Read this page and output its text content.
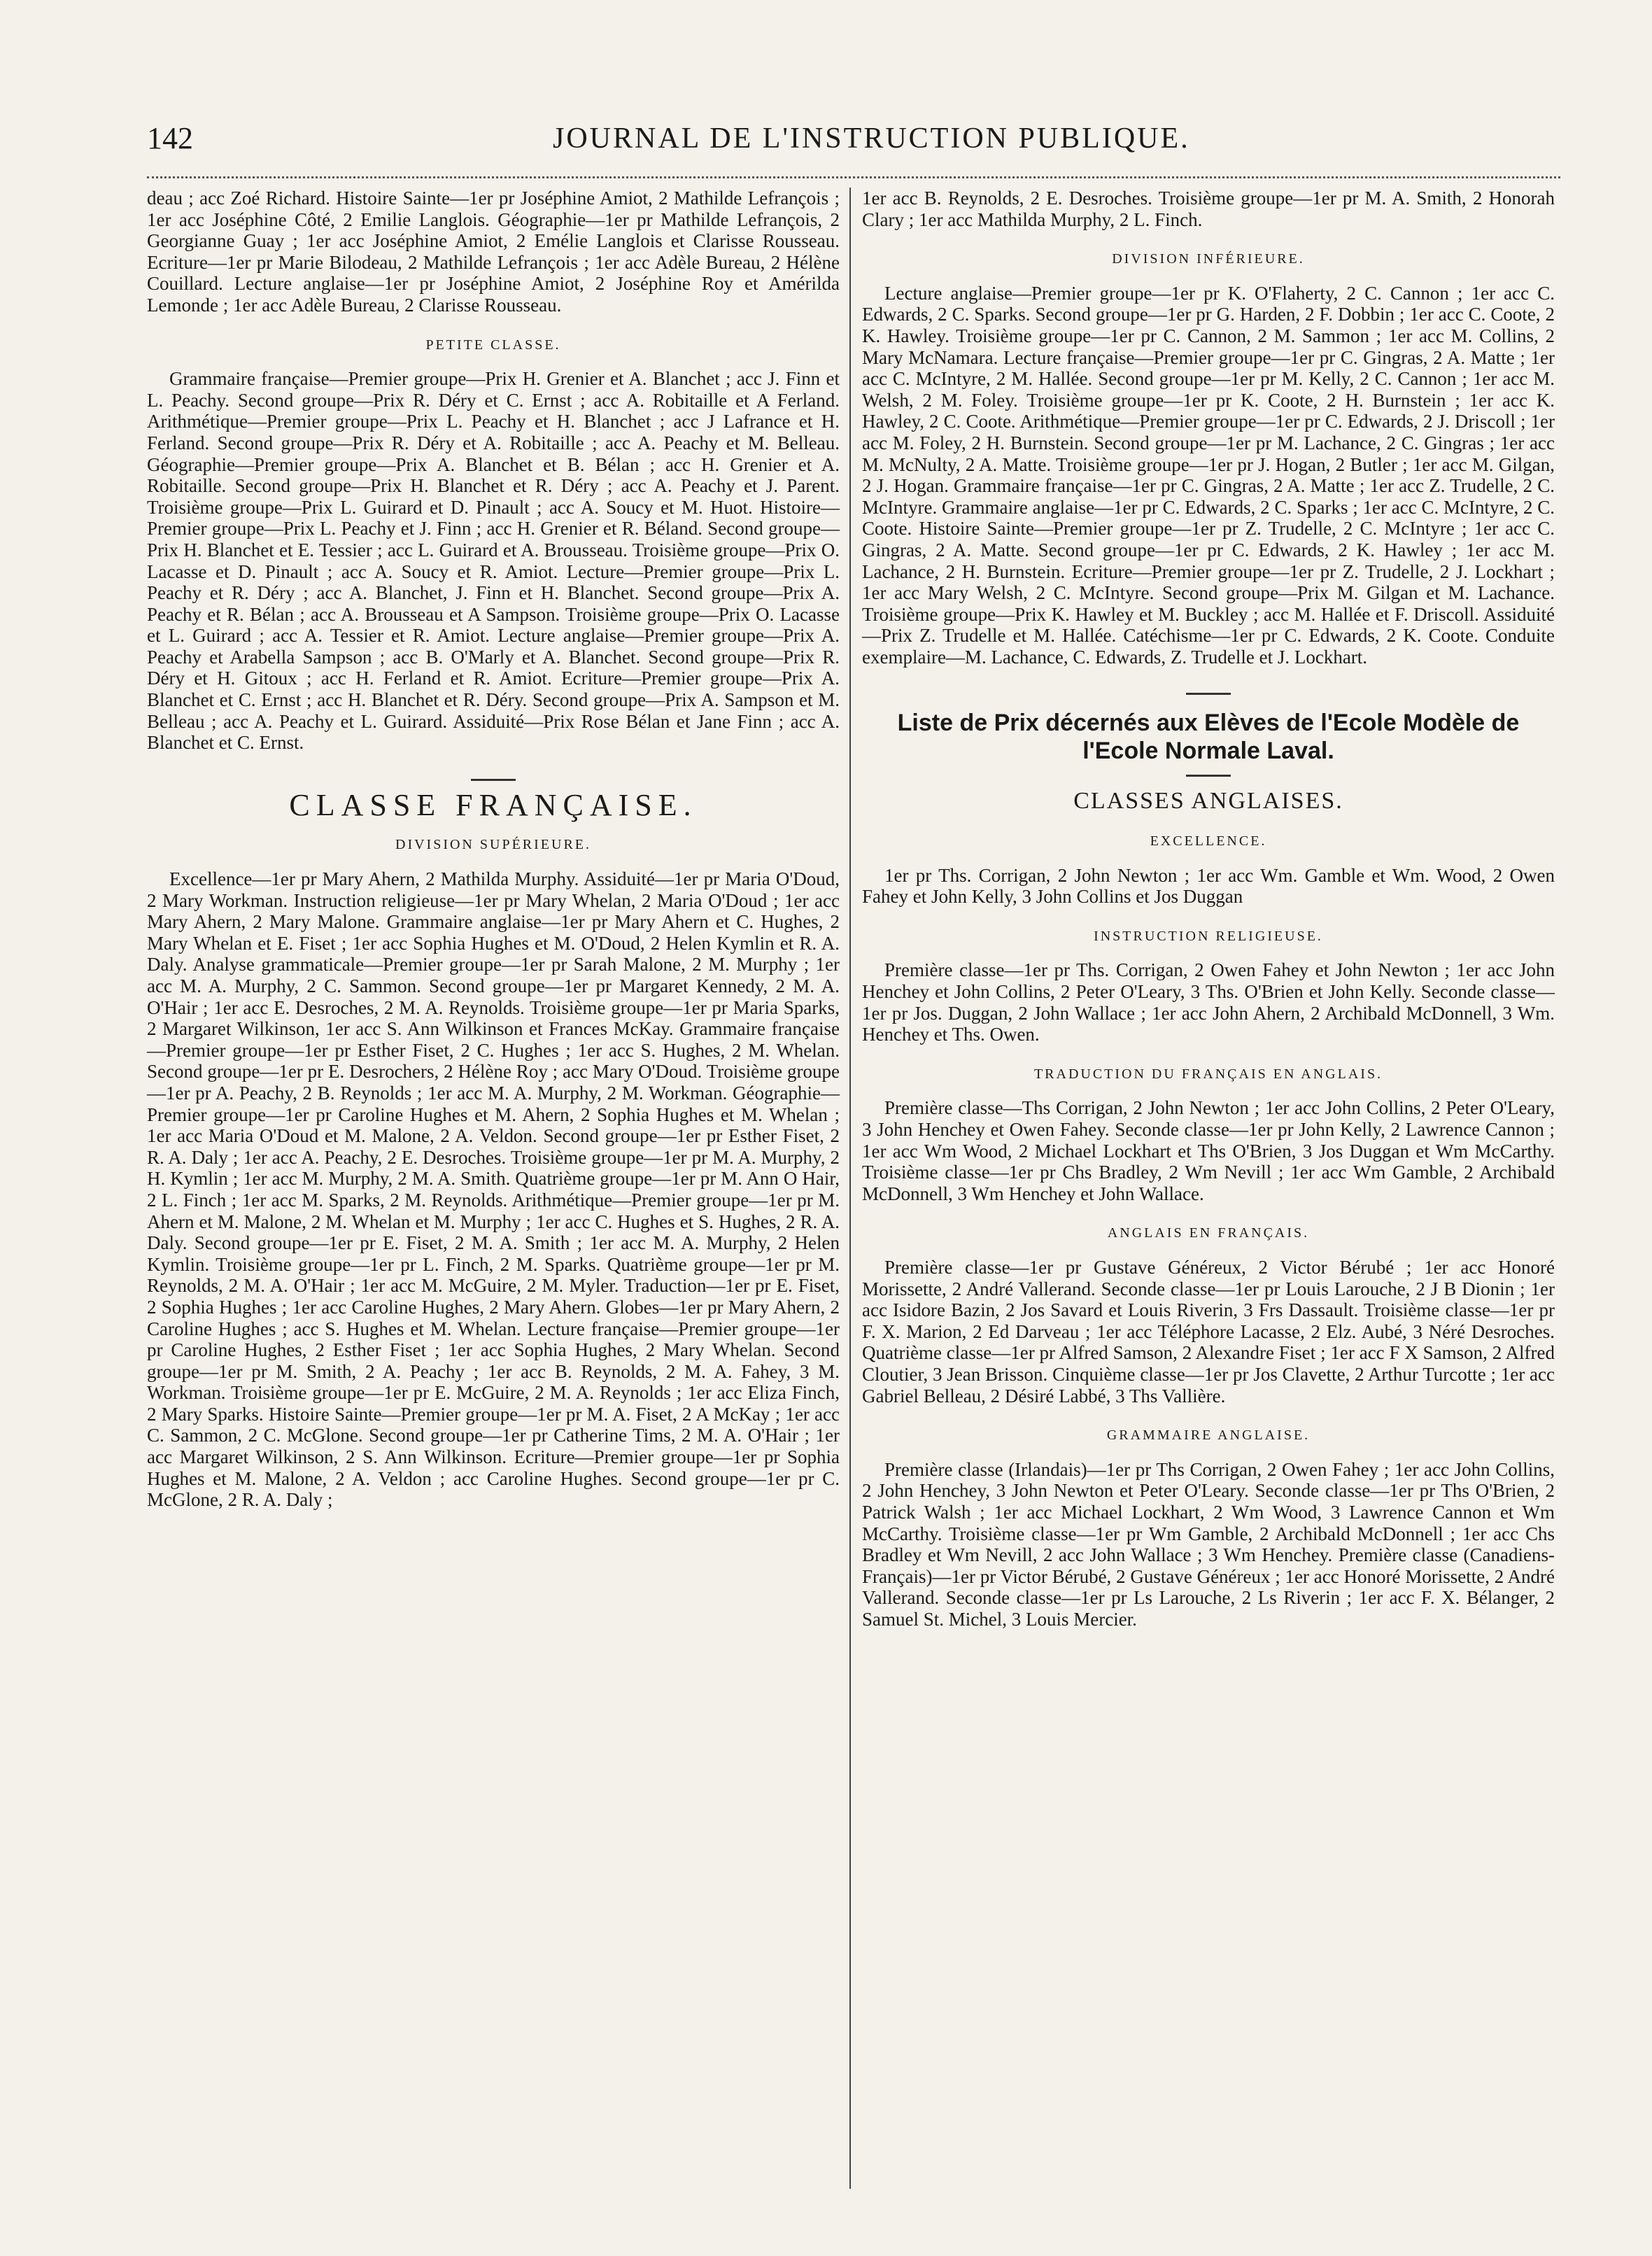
142	JOURNAL DE L'INSTRUCTION PUBLIQUE.

deau ; acc Zoé Richard. Histoire Sainte—1er pr Joséphine Amiot, 2 Mathilde Lefrançois ; 1er acc Joséphine Côté, 2 Emilie Langlois. Géographie—1er pr Mathilde Lefrançois, 2 Georgianne Guay ; 1er acc Joséphine Amiot, 2 Emélie Langlois et Clarisse Rousseau. Ecriture—1er pr Marie Bilodeau, 2 Mathilde Lefrançois ; 1er acc Adèle Bureau, 2 Hélène Couillard. Lecture anglaise—1er pr Joséphine Amiot, 2 Joséphine Roy et Amérilda Lemonde ; 1er acc Adèle Bureau, 2 Clarisse Rousseau.

PETITE CLASSE.

Grammaire française—Premier groupe—Prix H. Grenier et A. Blanchet ; acc J. Finn et L. Peachy. Second groupe—Prix R. Déry et C. Ernst ; acc A. Robitaille et A Ferland. Arithmétique—Premier groupe—Prix L. Peachy et H. Blanchet ; acc J Lafrance et H. Ferland. Second groupe—Prix R. Déry et A. Robitaille ; acc A. Peachy et M. Belleau. Géographie—Premier groupe—Prix A. Blanchet et B. Bélan ; acc H. Grenier et A. Robitaille. Second groupe—Prix H. Blanchet et R. Déry ; acc A. Peachy et J. Parent. Troisième groupe—Prix L. Guirard et D. Pinault ; acc A. Soucy et M. Huot. Histoire—Premier groupe—Prix L. Peachy et J. Finn ; acc H. Grenier et R. Béland. Second groupe—Prix H. Blanchet et E. Tessier ; acc L. Guirard et A. Brousseau. Troisième groupe—Prix O. Lacasse et D. Pinault ; acc A. Soucy et R. Amiot. Lecture—Premier groupe—Prix L. Peachy et R. Déry ; acc A. Blanchet, J. Finn et H. Blanchet. Second groupe—Prix A. Peachy et R. Bélan ; acc A. Brousseau et A Sampson. Troisième groupe—Prix O. Lacasse et L. Guirard ; acc A. Tessier et R. Amiot. Lecture anglaise—Premier groupe—Prix A. Peachy et Arabella Sampson ; acc B. O'Marly et A. Blanchet. Second groupe—Prix R. Déry et H. Gitoux ; acc H. Ferland et R. Amiot. Ecriture—Premier groupe—Prix A. Blanchet et C. Ernst ; acc H. Blanchet et R. Déry. Second groupe—Prix A. Sampson et M. Belleau ; acc A. Peachy et L. Guirard. Assiduité—Prix Rose Bélan et Jane Finn ; acc A. Blanchet et C. Ernst.

CLASSE FRANÇAISE.
DIVISION SUPÉRIEURE.

Excellence—1er pr Mary Ahern, 2 Mathilda Murphy. Assiduité—1er pr Maria O'Doud, 2 Mary Workman. Instruction religieuse—1er pr Mary Whelan, 2 Maria O'Doud ; 1er acc Mary Ahern, 2 Mary Malone. Grammaire anglaise—1er pr Mary Ahern et C. Hughes, 2 Mary Whelan et E. Fiset ; 1er acc Sophia Hughes et M. O'Doud, 2 Helen Kymlin et R. A. Daly. Analyse grammaticale—Premier groupe—1er pr Sarah Malone, 2 M. Murphy ; 1er acc M. A. Murphy, 2 C. Sammon. Second groupe—1er pr Margaret Kennedy, 2 M. A. O'Hair ; 1er acc E. Desroches, 2 M. A. Reynolds. Troisième groupe—1er pr Maria Sparks, 2 Margaret Wilkinson, 1er acc S. Ann Wilkinson et Frances McKay. Grammaire française—Premier groupe—1er pr Esther Fiset, 2 C. Hughes ; 1er acc S. Hughes, 2 M. Whelan. Second groupe—1er pr E. Desrochers, 2 Hélène Roy ; acc Mary O'Doud. Troisième groupe—1er pr A. Peachy, 2 B. Reynolds ; 1er acc M. A. Murphy, 2 M. Workman. Géographie—Premier groupe—1er pr Caroline Hughes et M. Ahern, 2 Sophia Hughes et M. Whelan ; 1er acc Maria O'Doud et M. Malone, 2 A. Veldon. Second groupe—1er pr Esther Fiset, 2 R. A. Daly ; 1er acc A. Peachy, 2 E. Desroches. Troisième groupe—1er pr M. A. Murphy, 2 H. Kymlin ; 1er acc M. Murphy, 2 M. A. Smith. Quatrième groupe—1er pr M. Ann O Hair, 2 L. Finch ; 1er acc M. Sparks, 2 M. Reynolds. Arithmétique—Premier groupe—1er pr M. Ahern et M. Malone, 2 M. Whelan et M. Murphy ; 1er acc C. Hughes et S. Hughes, 2 R. A. Daly. Second groupe—1er pr E. Fiset, 2 M. A. Smith ; 1er acc M. A. Murphy, 2 Helen Kymlin. Troisième groupe—1er pr L. Finch, 2 M. Sparks. Quatrième groupe—1er pr M. Reynolds, 2 M. A. O'Hair ; 1er acc M. McGuire, 2 M. Myler. Traduction—1er pr E. Fiset, 2 Sophia Hughes ; 1er acc Caroline Hughes, 2 Mary Ahern. Globes—1er pr Mary Ahern, 2 Caroline Hughes ; acc S. Hughes et M. Whelan. Lecture française—Premier groupe—1er pr Caroline Hughes, 2 Esther Fiset ; 1er acc Sophia Hughes, 2 Mary Whelan. Second groupe—1er pr M. Smith, 2 A. Peachy ; 1er acc B. Reynolds, 2 M. A. Fahey, 3 M. Workman. Troisième groupe—1er pr E. McGuire, 2 M. A. Reynolds ; 1er acc Eliza Finch, 2 Mary Sparks. Histoire Sainte—Premier groupe—1er pr M. A. Fiset, 2 A McKay ; 1er acc C. Sammon, 2 C. McGlone. Second groupe—1er pr Catherine Tims, 2 M. A. O'Hair ; 1er acc Margaret Wilkinson, 2 S. Ann Wilkinson. Ecriture—Premier groupe—1er pr Sophia Hughes et M. Malone, 2 A. Veldon ; acc Caroline Hughes. Second groupe—1er pr C. McGlone, 2 R. A. Daly ;

1er acc B. Reynolds, 2 E. Desroches. Troisième groupe—1er pr M. A. Smith, 2 Honorah Clary ; 1er acc Mathilda Murphy, 2 L. Finch.

DIVISION INFÉRIEURE.

Lecture anglaise—Premier groupe—1er pr K. O'Flaherty, 2 C. Cannon ; 1er acc C. Edwards, 2 C. Sparks. Second groupe—1er pr G. Harden, 2 F. Dobbin ; 1er acc C. Coote, 2 K. Hawley. Troisième groupe—1er pr C. Cannon, 2 M. Sammon ; 1er acc M. Collins, 2 Mary McNamara. Lecture française—Premier groupe—1er pr C. Gingras, 2 A. Matte ; 1er acc C. McIntyre, 2 M. Hallée. Second groupe—1er pr M. Kelly, 2 C. Cannon ; 1er acc M. Welsh, 2 M. Foley. Troisième groupe—1er pr K. Coote, 2 H. Burnstein ; 1er acc K. Hawley, 2 C. Coote. Arithmétique—Premier groupe—1er pr C. Edwards, 2 J. Driscoll ; 1er acc M. Foley, 2 H. Burnstein. Second groupe—1er pr M. Lachance, 2 C. Gingras ; 1er acc M. McNulty, 2 A. Matte. Troisième groupe—1er pr J. Hogan, 2 Butler ; 1er acc M. Gilgan, 2 J. Hogan. Grammaire française—1er pr C. Gingras, 2 A. Matte ; 1er acc Z. Trudelle, 2 C. McIntyre. Grammaire anglaise—1er pr C. Edwards, 2 C. Sparks ; 1er acc C. McIntyre, 2 C. Coote. Histoire Sainte—Premier groupe—1er pr Z. Trudelle, 2 C. McIntyre ; 1er acc C. Gingras, 2 A. Matte. Second groupe—1er pr C. Edwards, 2 K. Hawley ; 1er acc M. Lachance, 2 H. Burnstein. Ecriture—Premier groupe—1er pr Z. Trudelle, 2 J. Lockhart ; 1er acc Mary Welsh, 2 C. McIntyre. Second groupe—Prix M. Gilgan et M. Lachance. Troisième groupe—Prix K. Hawley et M. Buckley ; acc M. Hallée et F. Driscoll. Assiduité—Prix Z. Trudelle et M. Hallée. Catéchisme—1er pr C. Edwards, 2 K. Coote. Conduite exemplaire—M. Lachance, C. Edwards, Z. Trudelle et J. Lockhart.

Liste de Prix décernés aux Elèves de l'Ecole Modèle de l'Ecole Normale Laval.
CLASSES ANGLAISES.
EXCELLENCE.

1er pr Ths. Corrigan, 2 John Newton ; 1er acc Wm. Gamble et Wm. Wood, 2 Owen Fahey et John Kelly, 3 John Collins et Jos Duggan

INSTRUCTION RELIGIEUSE.

Première classe—1er pr Ths. Corrigan, 2 Owen Fahey et John Newton ; 1er acc John Henchey et John Collins, 2 Peter O'Leary, 3 Ths. O'Brien et John Kelly. Seconde classe—1er pr Jos. Duggan, 2 John Wallace ; 1er acc John Ahern, 2 Archibald McDonnell, 3 Wm. Henchey et Ths. Owen.

TRADUCTION DU FRANÇAIS EN ANGLAIS.

Première classe—Ths Corrigan, 2 John Newton ; 1er acc John Collins, 2 Peter O'Leary, 3 John Henchey et Owen Fahey. Seconde classe—1er pr John Kelly, 2 Lawrence Cannon ; 1er acc Wm Wood, 2 Michael Lockhart et Ths O'Brien, 3 Jos Duggan et Wm McCarthy. Troisième classe—1er pr Chs Bradley, 2 Wm Nevill ; 1er acc Wm Gamble, 2 Archibald McDonnell, 3 Wm Henchey et John Wallace.

ANGLAIS EN FRANÇAIS.

Première classe—1er pr Gustave Généreux, 2 Victor Bérubé ; 1er acc Honoré Morissette, 2 André Vallerand. Seconde classe—1er pr Louis Larouche, 2 J B Dionin ; 1er acc Isidore Bazin, 2 Jos Savard et Louis Riverin, 3 Frs Dassault. Troisième classe—1er pr F. X. Marion, 2 Ed Darveau ; 1er acc Téléphore Lacasse, 2 Elz. Aubé, 3 Néré Desroches. Quatrième classe—1er pr Alfred Samson, 2 Alexandre Fiset ; 1er acc F X Samson, 2 Alfred Cloutier, 3 Jean Brisson. Cinquième classe—1er pr Jos Clavette, 2 Arthur Turcotte ; 1er acc Gabriel Belleau, 2 Désiré Labbé, 3 Ths Vallière.

GRAMMAIRE ANGLAISE.

Première classe (Irlandais)—1er pr Ths Corrigan, 2 Owen Fahey ; 1er acc John Collins, 2 John Henchey, 3 John Newton et Peter O'Leary. Seconde classe—1er pr Ths O'Brien, 2 Patrick Walsh ; 1er acc Michael Lockhart, 2 Wm Wood, 3 Lawrence Cannon et Wm McCarthy. Troisième classe—1er pr Wm Gamble, 2 Archibald McDonnell ; 1er acc Chs Bradley et Wm Nevill, 2 acc John Wallace ; 3 Wm Henchey. Première classe (Canadiens-Français)—1er pr Victor Bérubé, 2 Gustave Généreux ; 1er acc Honoré Morissette, 2 André Vallerand. Seconde classe—1er pr Ls Larouche, 2 Ls Riverin ; 1er acc F. X. Bélanger, 2 Samuel St. Michel, 3 Louis Mercier.
